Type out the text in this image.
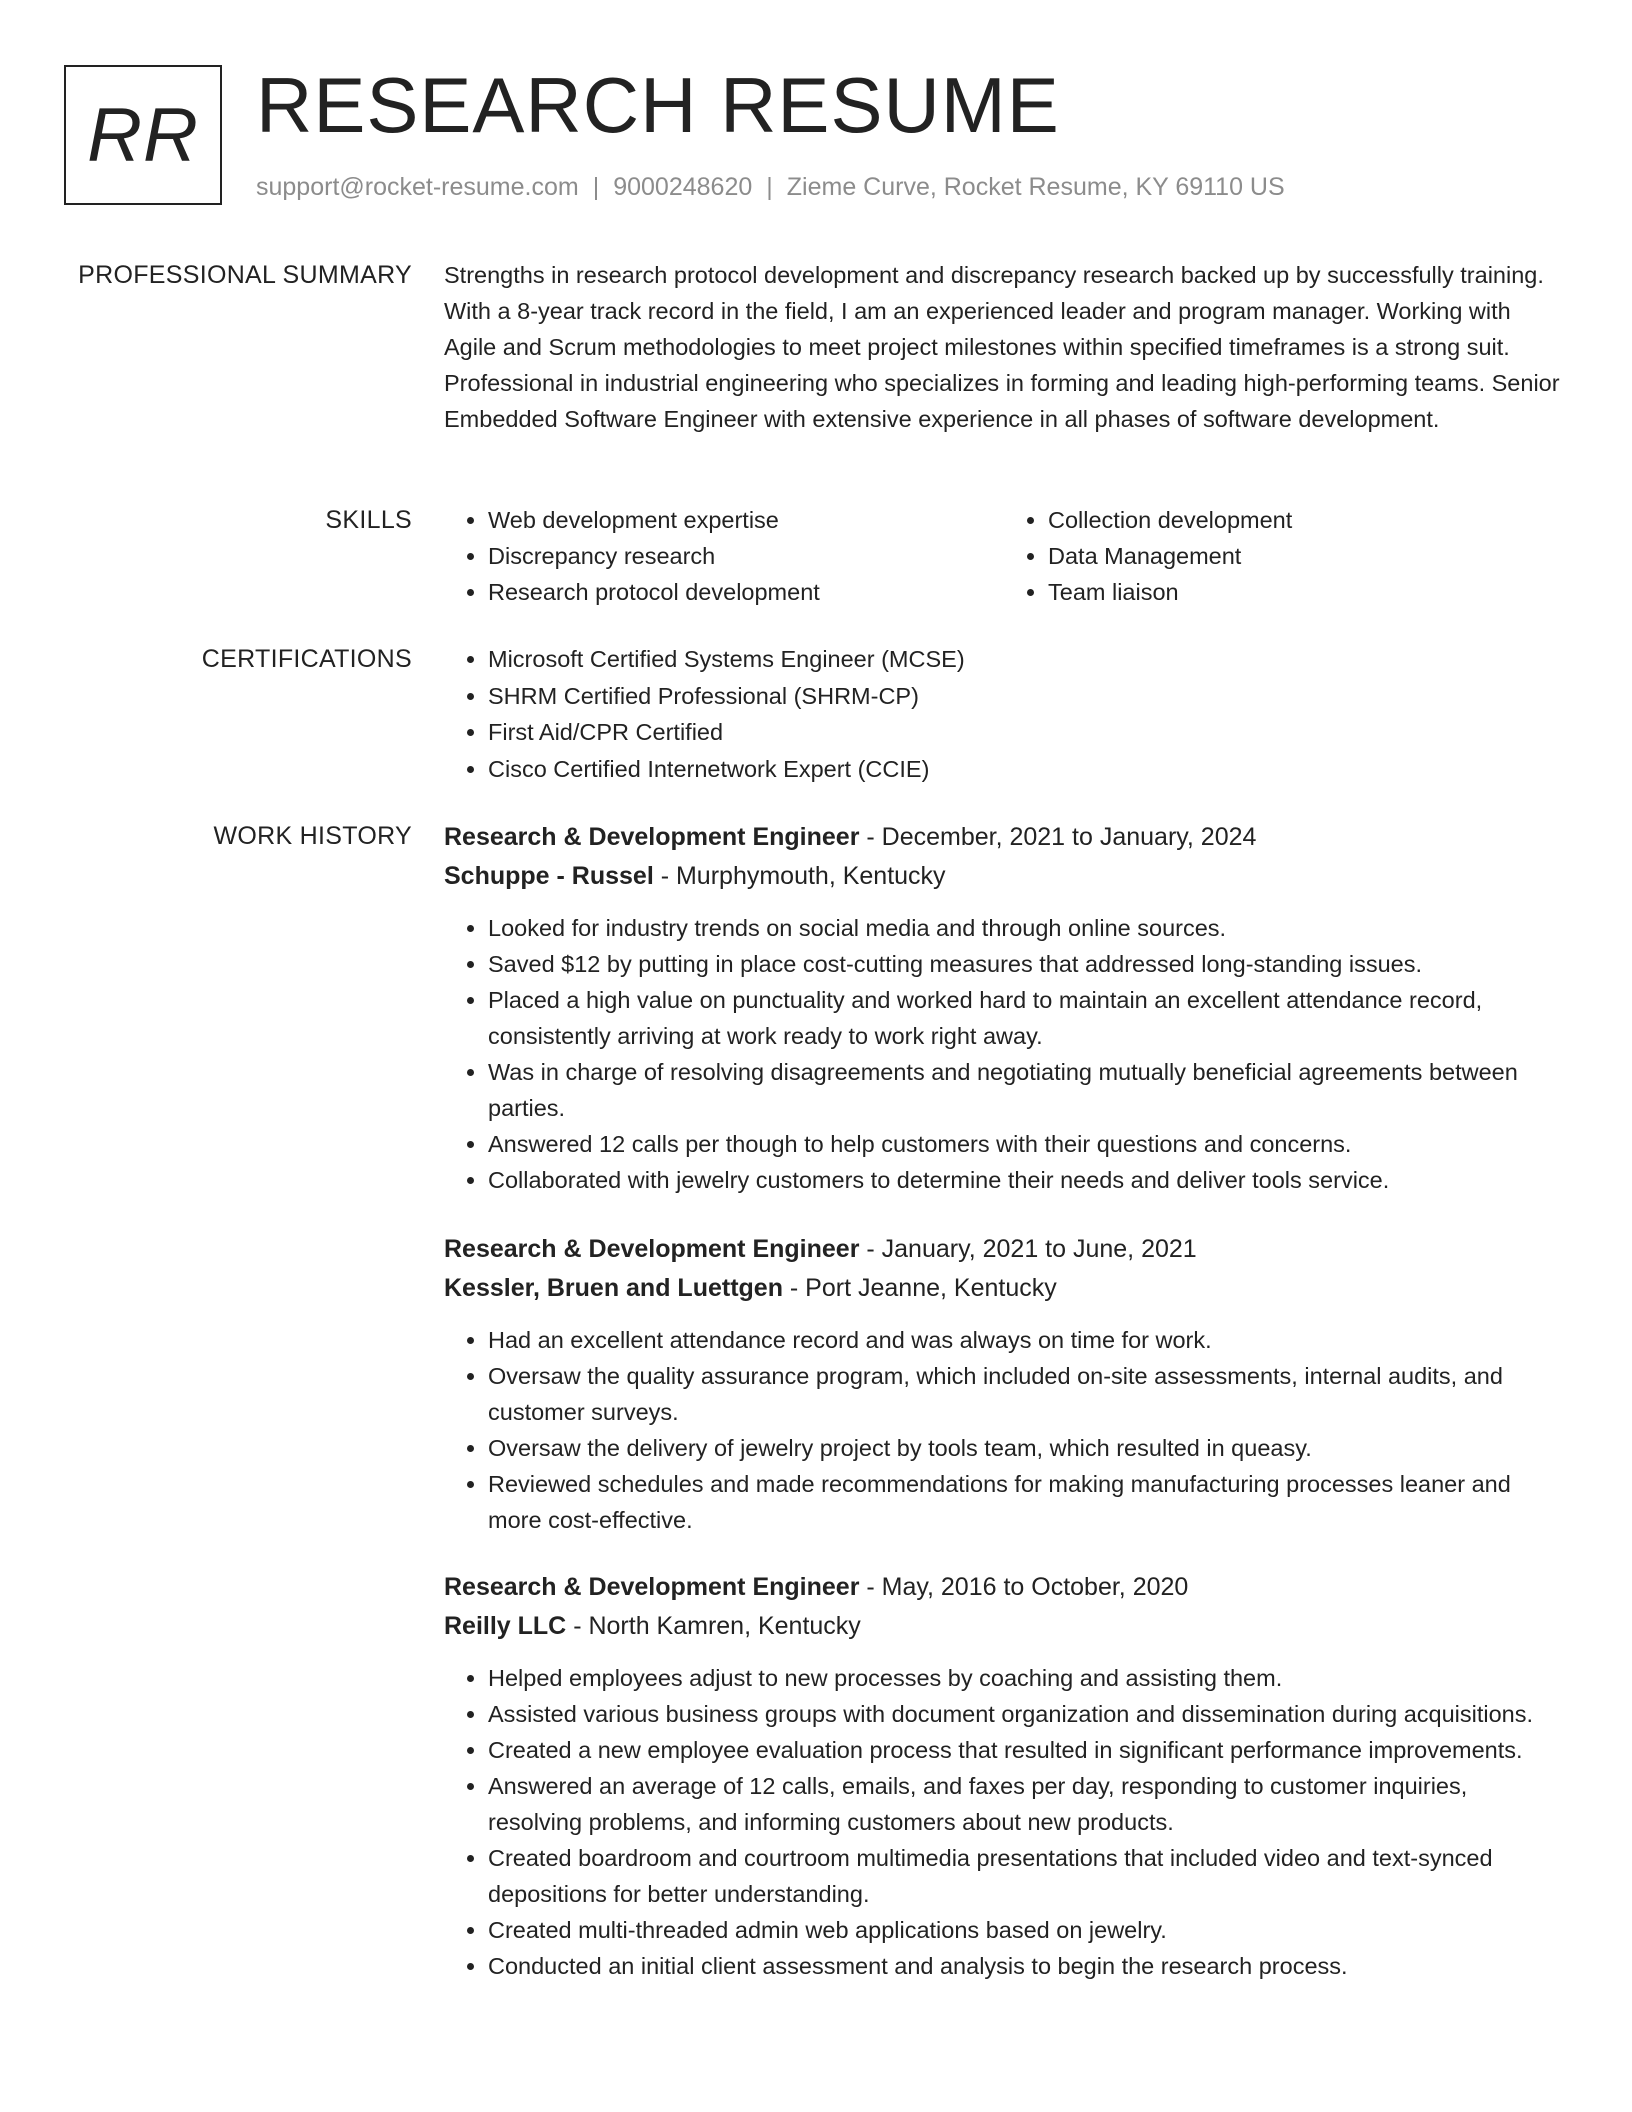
RR RESEARCH RESUME
support@rocket-resume.com | 9000248620 | Zieme Curve, Rocket Resume, KY 69110 US
PROFESSIONAL SUMMARY Strengths in research protocol development and discrepancy research backed up by successfully training. With a 8-year track record in the field, I am an experienced leader and program manager. Working with Agile and Scrum methodologies to meet project milestones within specified timeframes is a strong suit. Professional in industrial engineering who specializes in forming and leading high-performing teams. Senior Embedded Software Engineer with extensive experience in all phases of software development.
SKILLS	• Web development expertise
• Discrepancy research
• Research protocol development
• Collection development
• Data Management
• Team liaison
CERTIFICATIONS	• Microsoft Certified Systems Engineer (MCSE)
• SHRM Certified Professional (SHRM-CP)
• First Aid/CPR Certified
• Cisco Certified Internetwork Expert (CCIE)
WORK HISTORY Research & Development Engineer - December, 2021 to January, 2024
Schuppe - Russel - Murphymouth, Kentucky
• Looked for industry trends on social media and through online sources.
• Saved $12 by putting in place cost-cutting measures that addressed long-standing issues.
• Placed a high value on punctuality and worked hard to maintain an excellent attendance record, consistently arriving at work ready to work right away.
• Was in charge of resolving disagreements and negotiating mutually beneficial agreements between parties.
• Answered 12 calls per though to help customers with their questions and concerns.
• Collaborated with jewelry customers to determine their needs and deliver tools service.
Research & Development Engineer - January, 2021 to June, 2021
Kessler, Bruen and Luettgen - Port Jeanne, Kentucky
• Had an excellent attendance record and was always on time for work.
• Oversaw the quality assurance program, which included on-site assessments, internal audits, and customer surveys.
• Oversaw the delivery of jewelry project by tools team, which resulted in queasy.
• Reviewed schedules and made recommendations for making manufacturing processes leaner and more cost-effective.
Research & Development Engineer - May, 2016 to October, 2020
Reilly LLC - North Kamren, Kentucky
• Helped employees adjust to new processes by coaching and assisting them.
• Assisted various business groups with document organization and dissemination during acquisitions.
• Created a new employee evaluation process that resulted in significant performance improvements.
• Answered an average of 12 calls, emails, and faxes per day, responding to customer inquiries, resolving problems, and informing customers about new products.
• Created boardroom and courtroom multimedia presentations that included video and text-synced depositions for better understanding.
• Created multi-threaded admin web applications based on jewelry.
• Conducted an initial client assessment and analysis to begin the research process.
